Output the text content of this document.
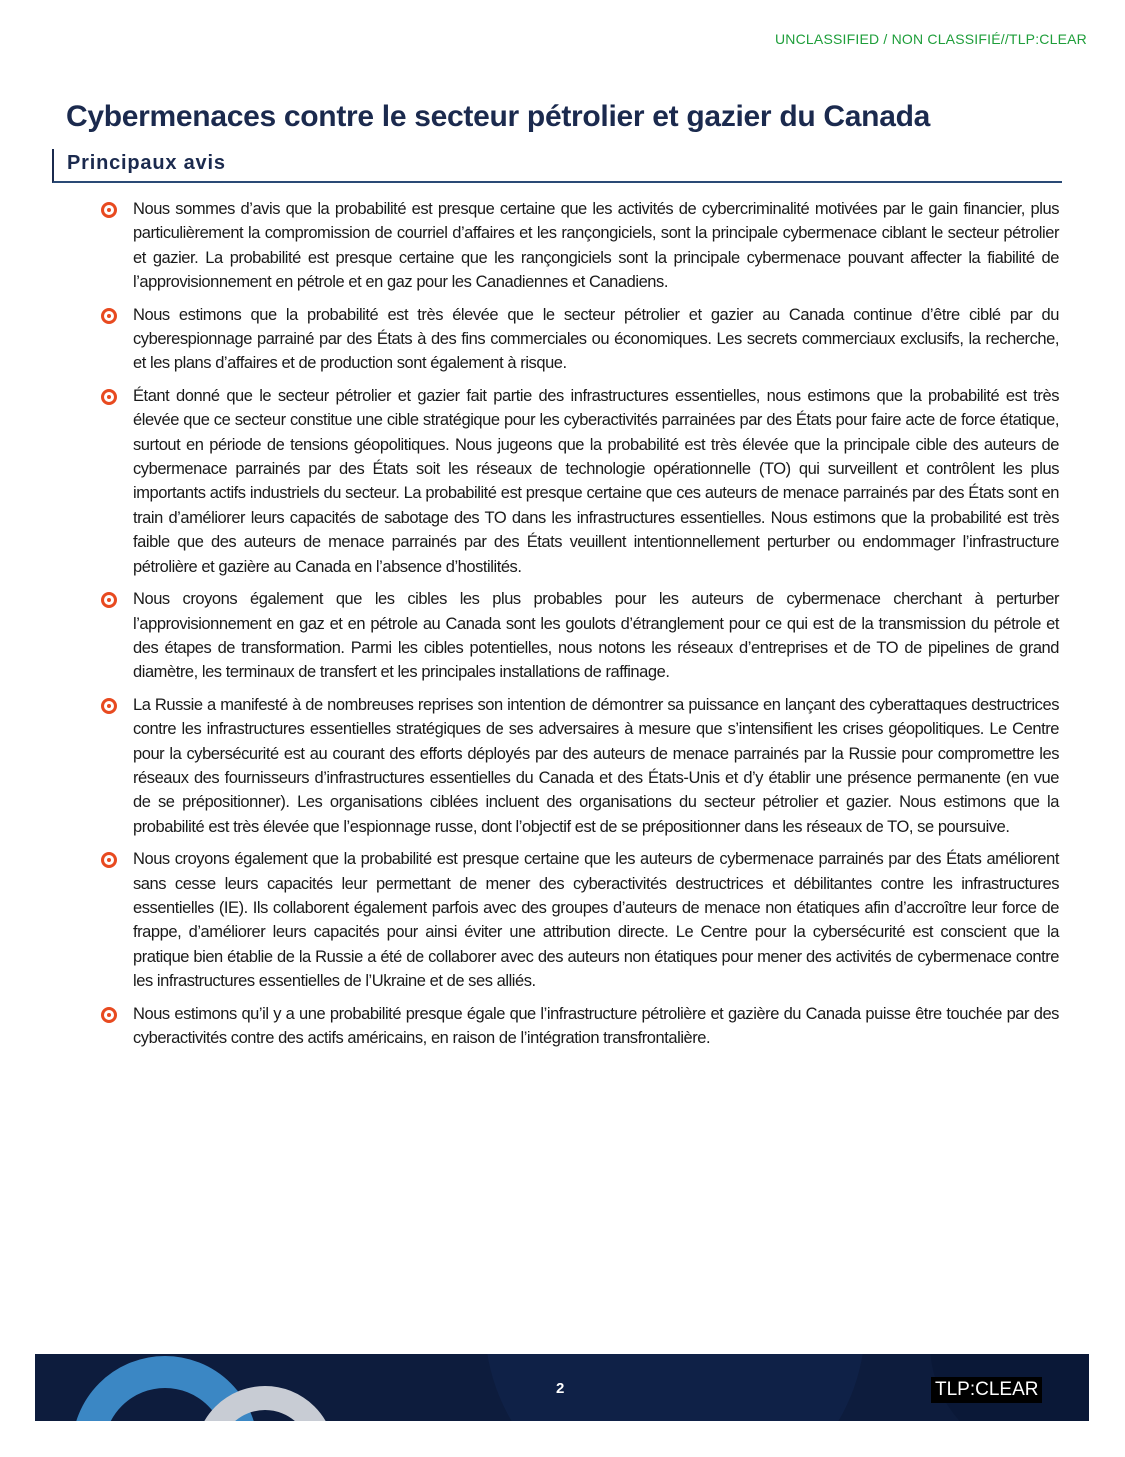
UNCLASSIFIED / NON CLASSIFIÉ//TLP:CLEAR
Cybermenaces contre le secteur pétrolier et gazier du Canada
Principaux avis
Nous sommes d’avis que la probabilité est presque certaine que les activités de cybercriminalité motivées par le gain financier, plus particulièrement la compromission de courriel d’affaires et les rançongiciels, sont la principale cybermenace ciblant le secteur pétrolier et gazier. La probabilité est presque certaine que les rançongiciels sont la principale cybermenace pouvant affecter la fiabilité de l’approvisionnement en pétrole et en gaz pour les Canadiennes et Canadiens.
Nous estimons que la probabilité est très élevée que le secteur pétrolier et gazier au Canada continue d’être ciblé par du cyberespionnage parrainé par des États à des fins commerciales ou économiques. Les secrets commerciaux exclusifs, la recherche, et les plans d’affaires et de production sont également à risque.
Étant donné que le secteur pétrolier et gazier fait partie des infrastructures essentielles, nous estimons que la probabilité est très élevée que ce secteur constitue une cible stratégique pour les cyberactivités parrainées par des États pour faire acte de force étatique, surtout en période de tensions géopolitiques. Nous jugeons que la probabilité est très élevée que la principale cible des auteurs de cybermenace parrainés par des États soit les réseaux de technologie opérationnelle (TO) qui surveillent et contrôlent les plus importants actifs industriels du secteur. La probabilité est presque certaine que ces auteurs de menace parrainés par des États sont en train d’améliorer leurs capacités de sabotage des TO dans les infrastructures essentielles. Nous estimons que la probabilité est très faible que des auteurs de menace parrainés par des États veuillent intentionnellement perturber ou endommager l’infrastructure pétrolière et gazière au Canada en l’absence d’hostilités.
Nous croyons également que les cibles les plus probables pour les auteurs de cybermenace cherchant à perturber l’approvisionnement en gaz et en pétrole au Canada sont les goulots d’étranglement pour ce qui est de la transmission du pétrole et des étapes de transformation. Parmi les cibles potentielles, nous notons les réseaux d’entreprises et de TO de pipelines de grand diamètre, les terminaux de transfert et les principales installations de raffinage.
La Russie a manifesté à de nombreuses reprises son intention de démontrer sa puissance en lançant des cyberattaques destructrices contre les infrastructures essentielles stratégiques de ses adversaires à mesure que s’intensifient les crises géopolitiques. Le Centre pour la cybersécurité est au courant des efforts déployés par des auteurs de menace parrainés par la Russie pour compromettre les réseaux des fournisseurs d’infrastructures essentielles du Canada et des États-Unis et d’y établir une présence permanente (en vue de se prépositionner). Les organisations ciblées incluent des organisations du secteur pétrolier et gazier. Nous estimons que la probabilité est très élevée que l’espionnage russe, dont l’objectif est de se prépositionner dans les réseaux de TO, se poursuive.
Nous croyons également que la probabilité est presque certaine que les auteurs de cybermenace parrainés par des États améliorent sans cesse leurs capacités leur permettant de mener des cyberactivités destructrices et débilitantes contre les infrastructures essentielles (IE). Ils collaborent également parfois avec des groupes d’auteurs de menace non étatiques afin d’accroître leur force de frappe, d’améliorer leurs capacités pour ainsi éviter une attribution directe. Le Centre pour la cybersécurité est conscient que la pratique bien établie de la Russie a été de collaborer avec des auteurs non étatiques pour mener des activités de cybermenace contre les infrastructures essentielles de l’Ukraine et de ses alliés.
Nous estimons qu’il y a une probabilité presque égale que l’infrastructure pétrolière et gazière du Canada puisse être touchée par des cyberactivités contre des actifs américains, en raison de l’intégration transfrontalière.
2	TLP:CLEAR
